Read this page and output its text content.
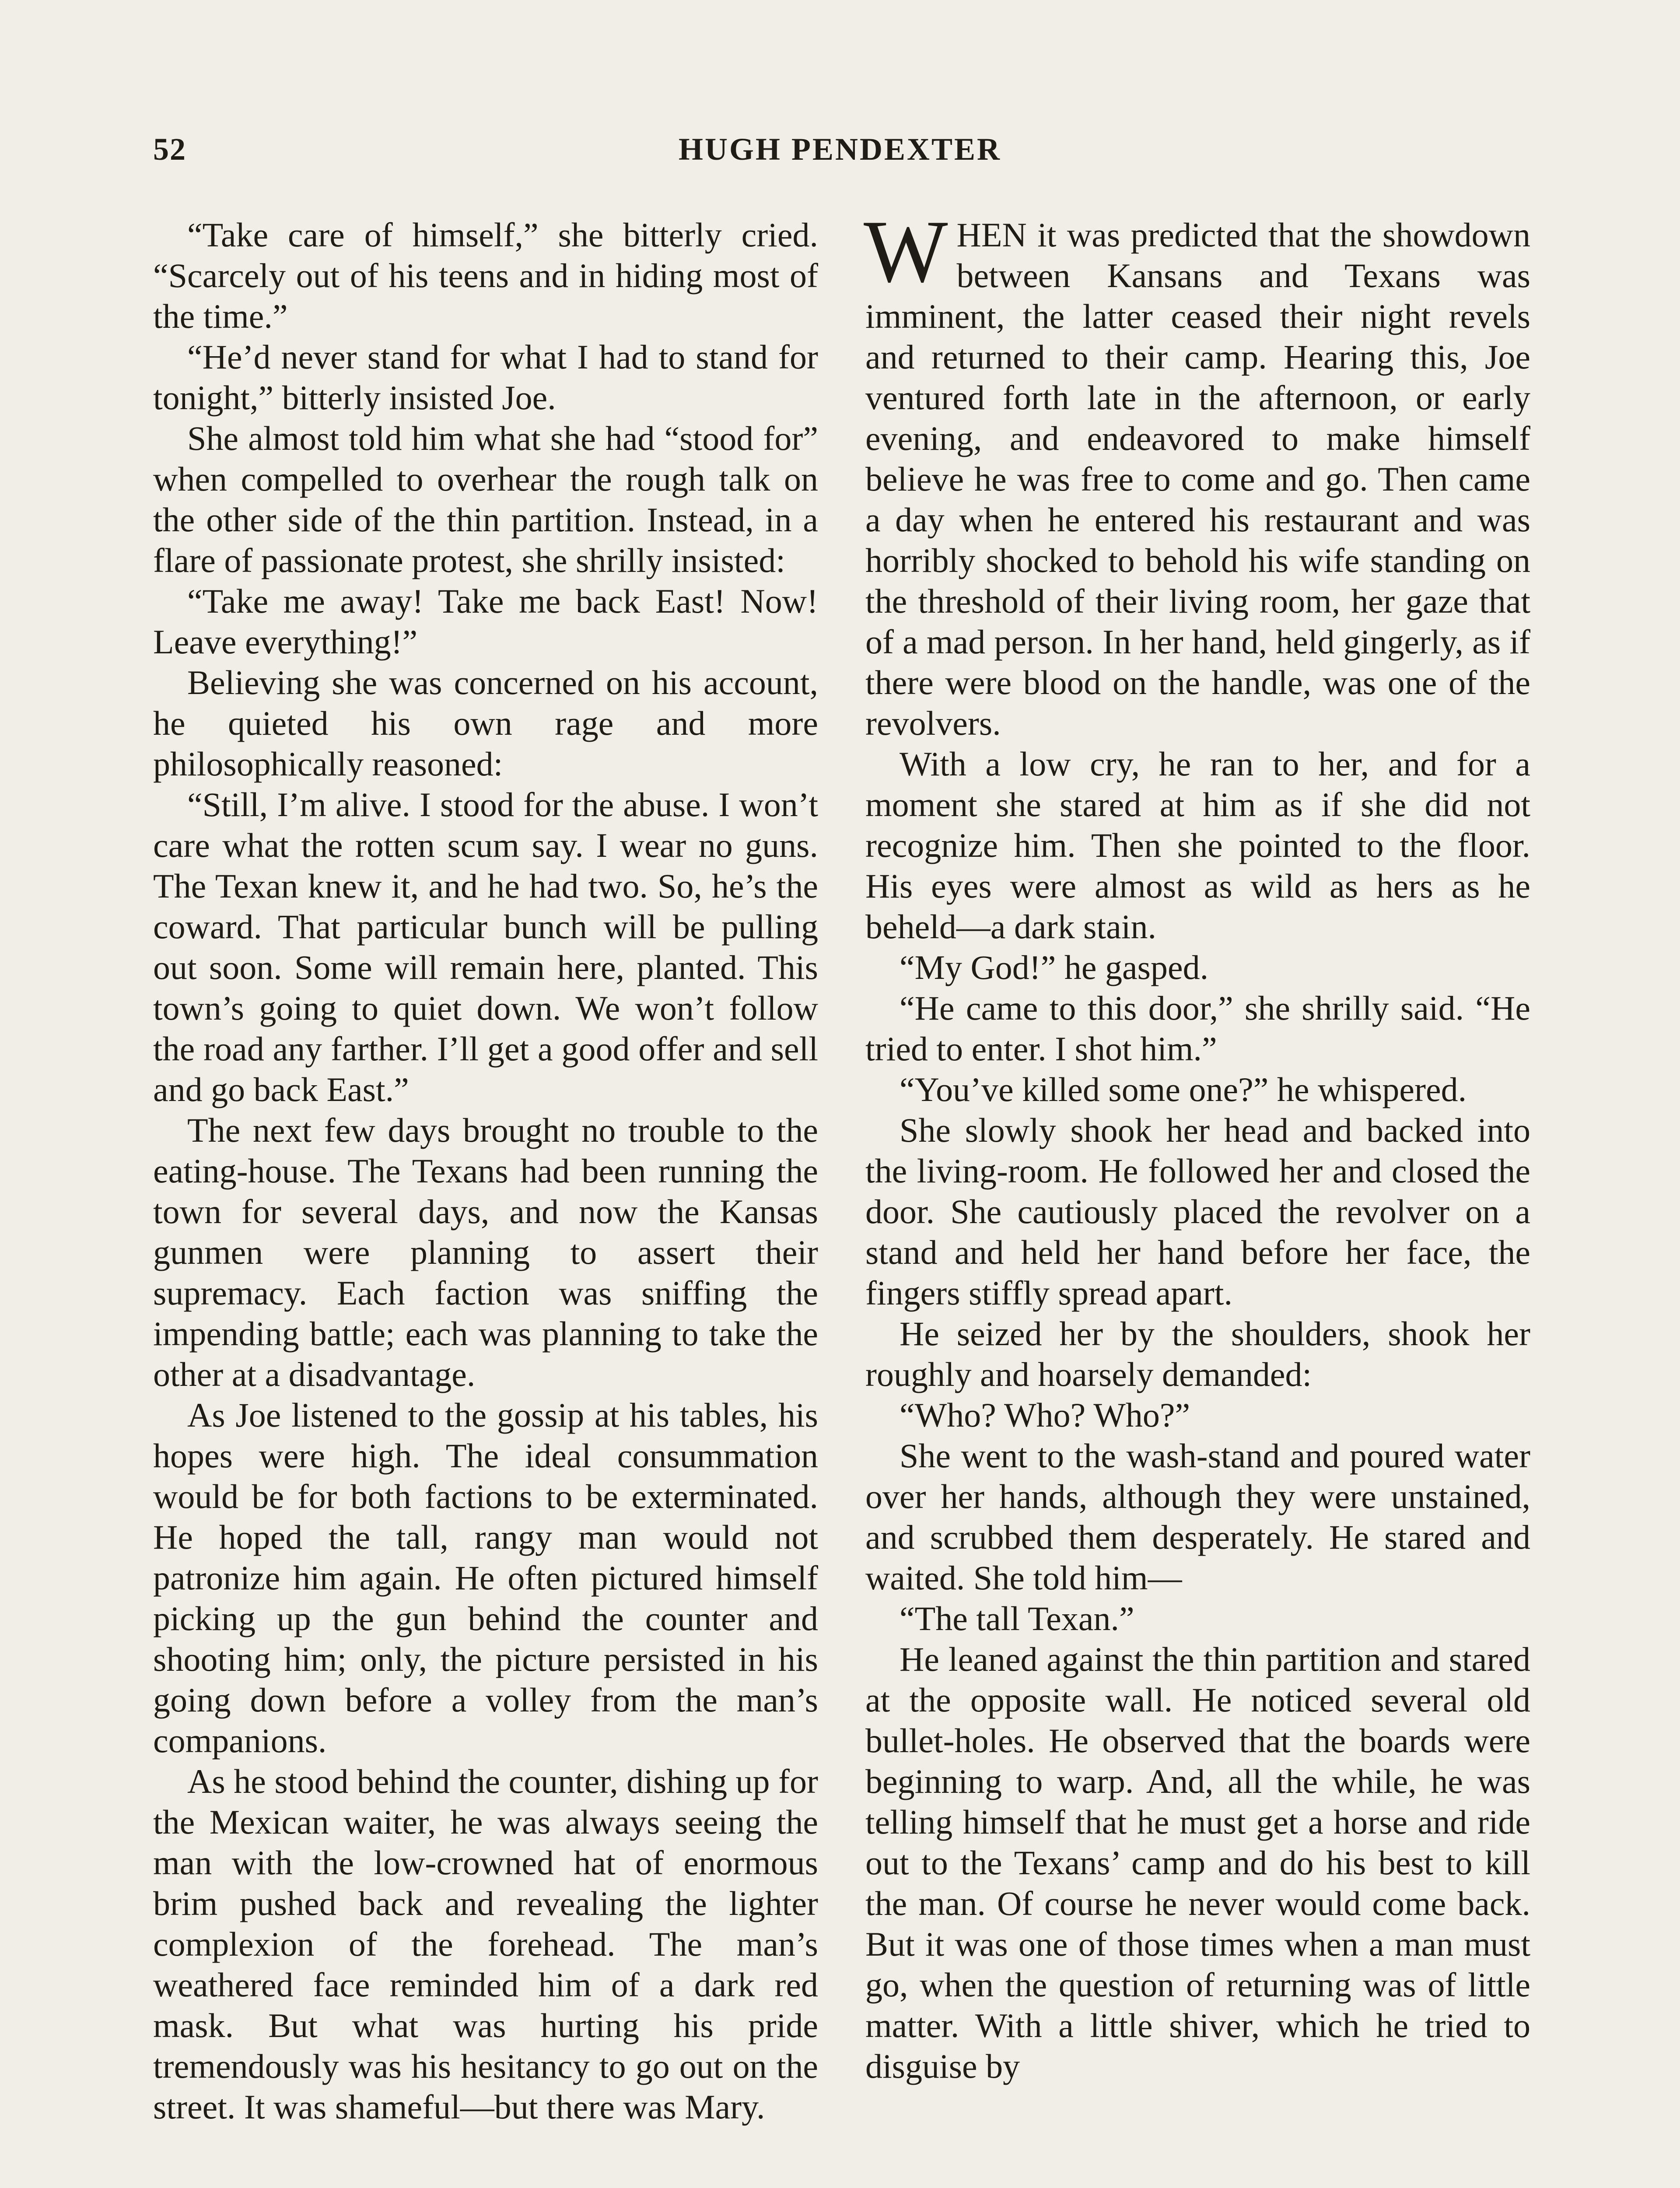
52	HUGH PENDEXTER

“Take care of himself,” she bitterly cried. “Scarcely out of his teens and in hiding most of the time.”

“He’d never stand for what I had to stand for tonight,” bitterly insisted Joe.

She almost told him what she had “stood for” when compelled to overhear the rough talk on the other side of the thin partition. Instead, in a flare of passionate protest, she shrilly insisted:

“Take me away! Take me back East! Now! Leave everything!”

Believing she was concerned on his account, he quieted his own rage and more philosophically reasoned:

“Still, I’m alive. I stood for the abuse. I won’t care what the rotten scum say. I wear no guns. The Texan knew it, and he had two. So, he’s the coward. That particular bunch will be pulling out soon. Some will remain here, planted. This town’s going to quiet down. We won’t follow the road any farther. I’ll get a good offer and sell and go back East.”

The next few days brought no trouble to the eating-house. The Texans had been running the town for several days, and now the Kansas gunmen were planning to assert their supremacy. Each faction was sniffing the impending battle; each was planning to take the other at a disadvantage.

As Joe listened to the gossip at his tables, his hopes were high. The ideal consummation would be for both factions to be exterminated. He hoped the tall, rangy man would not patronize him again. He often pictured himself picking up the gun behind the counter and shooting him; only, the picture persisted in his going down before a volley from the man’s companions.

As he stood behind the counter, dishing up for the Mexican waiter, he was always seeing the man with the low-crowned hat of enormous brim pushed back and revealing the lighter complexion of the forehead. The man’s weathered face reminded him of a dark red mask. But what was hurting his pride tremendously was his hesitancy to go out on the street. It was shameful—but there was Mary.

WHEN it was predicted that the showdown between Kansans and Texans was imminent, the latter ceased their night revels and returned to their camp. Hearing this, Joe ventured forth late in the afternoon, or early evening, and endeavored to make himself believe he was free to come and go. Then came a day when he entered his restaurant and was horribly shocked to behold his wife standing on the threshold of their living room, her gaze that of a mad person. In her hand, held gingerly, as if there were blood on the handle, was one of the revolvers.

With a low cry, he ran to her, and for a moment she stared at him as if she did not recognize him. Then she pointed to the floor. His eyes were almost as wild as hers as he beheld—a dark stain.

“My God!” he gasped.

“He came to this door,” she shrilly said. “He tried to enter. I shot him.”

“You’ve killed some one?” he whispered.

She slowly shook her head and backed into the living-room. He followed her and closed the door. She cautiously placed the revolver on a stand and held her hand before her face, the fingers stiffly spread apart.

He seized her by the shoulders, shook her roughly and hoarsely demanded:

“Who? Who? Who?”

She went to the wash-stand and poured water over her hands, although they were unstained, and scrubbed them desperately. He stared and waited. She told him—

“The tall Texan.”

He leaned against the thin partition and stared at the opposite wall. He noticed several old bullet-holes. He observed that the boards were beginning to warp. And, all the while, he was telling himself that he must get a horse and ride out to the Texans’ camp and do his best to kill the man. Of course he never would come back. But it was one of those times when a man must go, when the question of returning was of little matter. With a little shiver, which he tried to disguise by
